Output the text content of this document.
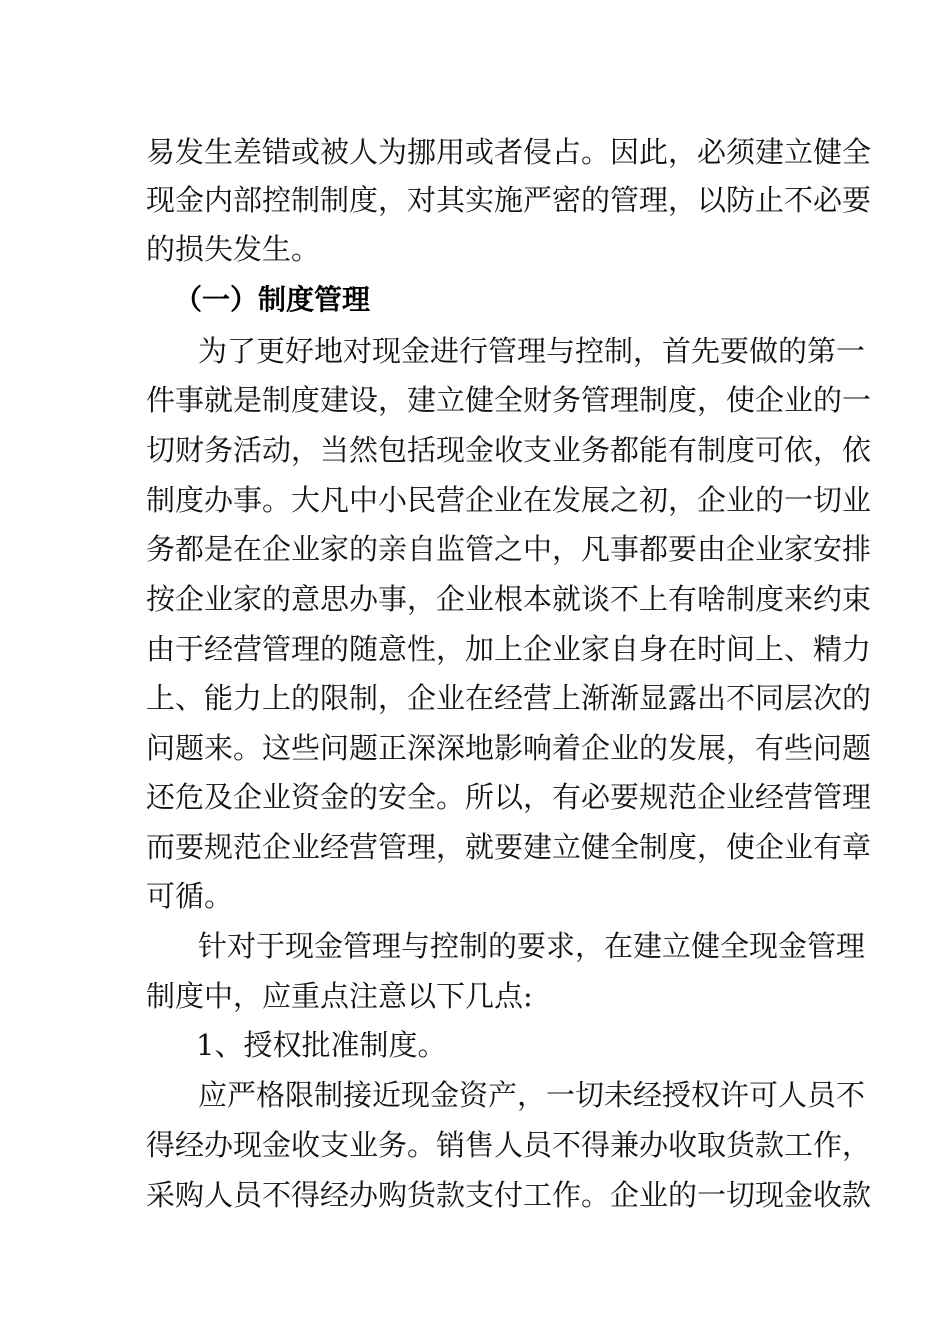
易发生差错或被人为挪用或者侵占。因此，必须建立健全
现金内部控制制度，对其实施严密的管理，以防止不必要
的损失发生。
（一）制度管理
为了更好地对现金进行管理与控制，首先要做的第一
件事就是制度建设，建立健全财务管理制度，使企业的一
切财务活动，当然包括现金收支业务都能有制度可依，依
制度办事。大凡中小民营企业在发展之初，企业的一切业
务都是在企业家的亲自监管之中，凡事都要由企业家安排
按企业家的意思办事，企业根本就谈不上有啥制度来约束
由于经营管理的随意性，加上企业家自身在时间上、精力
上、能力上的限制，企业在经营上渐渐显露出不同层次的
问题来。这些问题正深深地影响着企业的发展，有些问题
还危及企业资金的安全。所以，有必要规范企业经营管理
而要规范企业经营管理，就要建立健全制度，使企业有章
可循。
针对于现金管理与控制的要求，在建立健全现金管理
制度中，应重点注意以下几点:
1、授权批准制度。
应严格限制接近现金资产，一切未经授权许可人员不
得经办现金收支业务。销售人员不得兼办收取货款工作，
采购人员不得经办购货款支付工作。企业的一切现金收款
